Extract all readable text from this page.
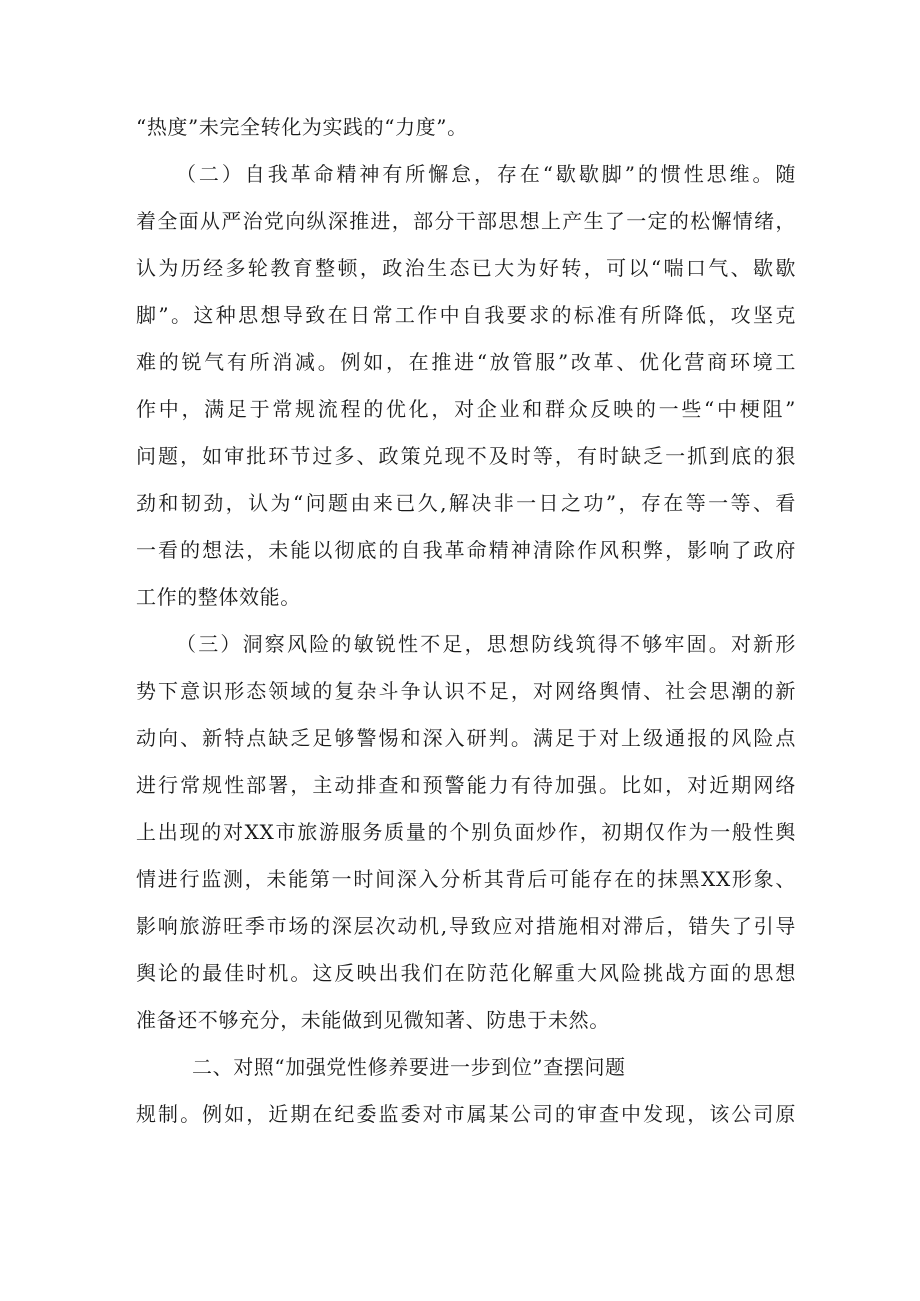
“热度”未完全转化为实践的“力度”。
（二）自我革命精神有所懈怠，存在“歇歇脚”的惯性思维。随
着全面从严治党向纵深推进，部分干部思想上产生了一定的松懈情绪，
认为历经多轮教育整顿，政治生态已大为好转，可以“喘口气、歇歇
脚”。这种思想导致在日常工作中自我要求的标准有所降低，攻坚克
难的锐气有所消减。例如，在推进“放管服”改革、优化营商环境工
作中，满足于常规流程的优化，对企业和群众反映的一些“中梗阻”
问题，如审批环节过多、政策兑现不及时等，有时缺乏一抓到底的狠
劲和韧劲，认为“问题由来已久,解决非一日之功”，存在等一等、看
一看的想法，未能以彻底的自我革命精神清除作风积弊，影响了政府
工作的整体效能。
（三）洞察风险的敏锐性不足，思想防线筑得不够牢固。对新形
势下意识形态领域的复杂斗争认识不足，对网络舆情、社会思潮的新
动向、新特点缺乏足够警惕和深入研判。满足于对上级通报的风险点
进行常规性部署，主动排查和预警能力有待加强。比如，对近期网络
上出现的对XX市旅游服务质量的个别负面炒作，初期仅作为一般性舆
情进行监测，未能第一时间深入分析其背后可能存在的抹黑XX形象、
影响旅游旺季市场的深层次动机,导致应对措施相对滞后，错失了引导
舆论的最佳时机。这反映出我们在防范化解重大风险挑战方面的思想
准备还不够充分，未能做到见微知著、防患于未然。
二、对照“加强党性修养要进一步到位”查摆问题
规制。例如，近期在纪委监委对市属某公司的审查中发现，该公司原
